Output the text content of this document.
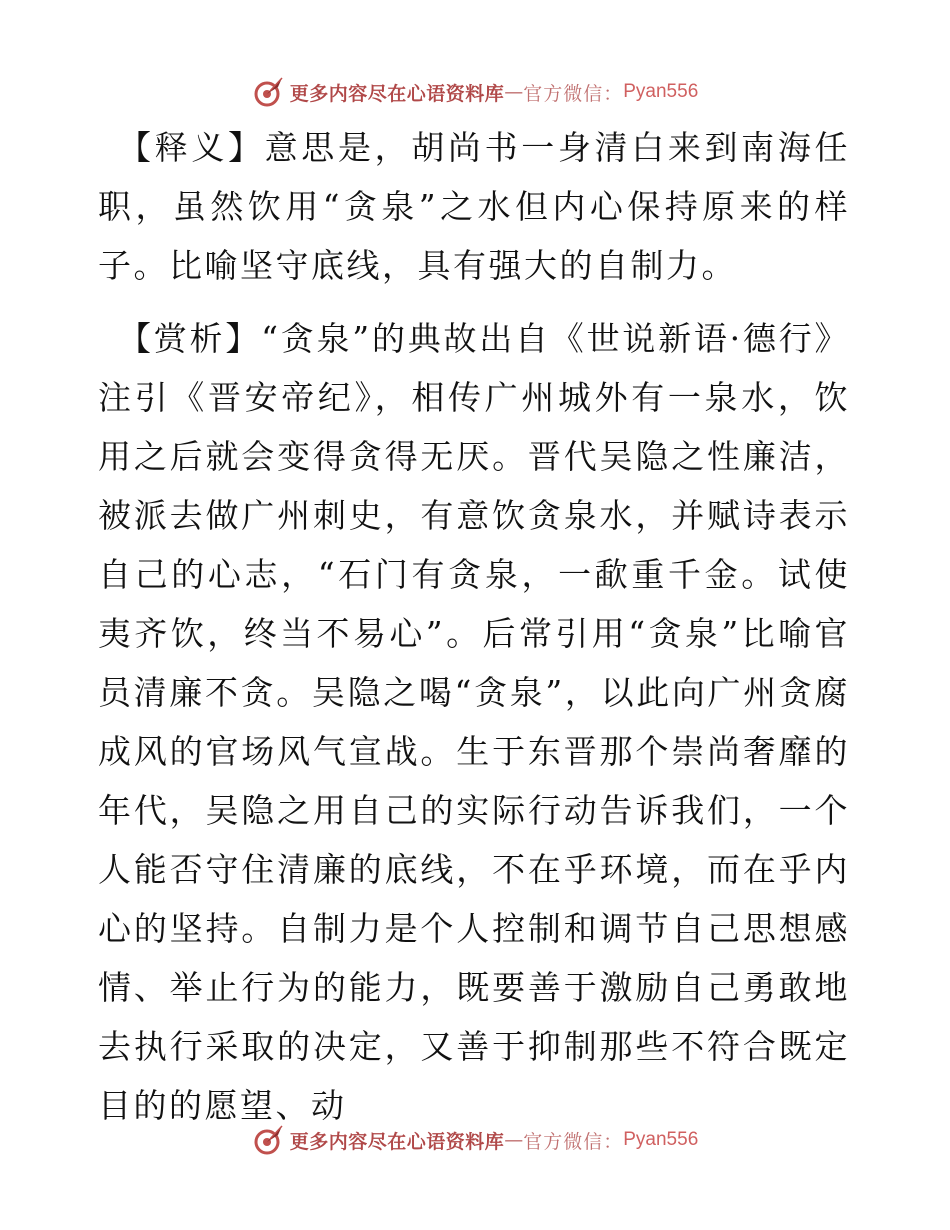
更多内容尽在心语资料库 — 官方微信： Pyan556

【释义】意思是，胡尚书一身清白来到南海任职，虽然饮用“贪泉”之水但内心保持原来的样子。比喻坚守底线，具有强大的自制力。

【赏析】“贪泉”的典故出自《世说新语·德行》注引《晋安帝纪》，相传广州城外有一泉水，饮用之后就会变得贪得无厌。晋代吴隐之性廉洁，被派去做广州刺史，有意饮贪泉水，并赋诗表示自己的心志，“石门有贪泉，一歃重千金。试使夷齐饮，终当不易心”。后常引用“贪泉”比喻官员清廉不贪。吴隐之喝“贪泉”，以此向广州贪腐成风的官场风气宣战。生于东晋那个崇尚奢靡的年代，吴隐之用自己的实际行动告诉我们，一个人能否守住清廉的底线，不在乎环境，而在乎内心的坚持。自制力是个人控制和调节自己思想感情、举止行为的能力，既要善于激励自己勇敢地去执行采取的决定，又善于抑制那些不符合既定目的的愿望、动

更多内容尽在心语资料库 — 官方微信： Pyan556
